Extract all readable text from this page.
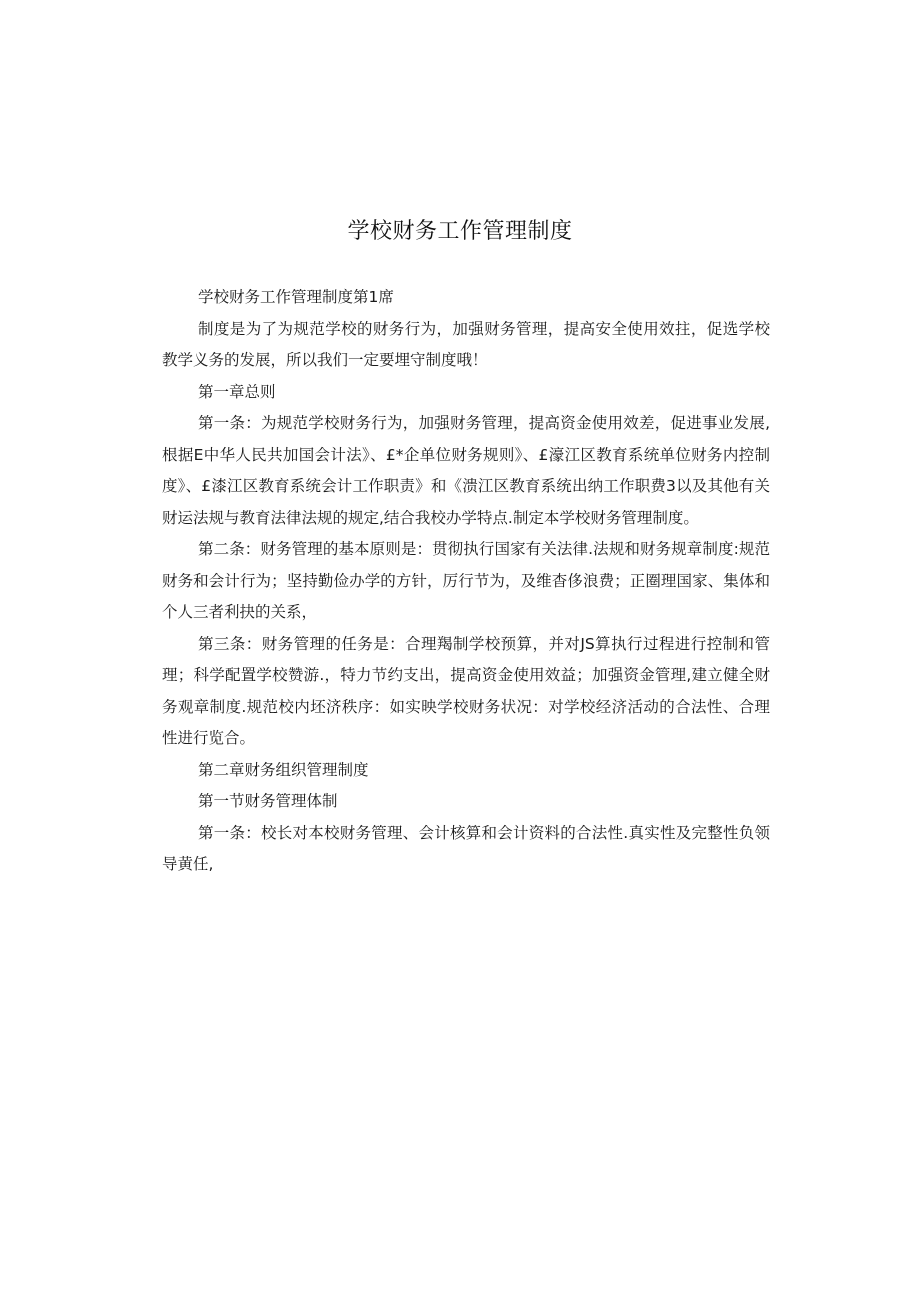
学校财务工作管理制度

学校财务工作管理制度第1席

制度是为了为规范学校的财务行为，加强财务管理，提高安全使用效拄，促选学校教学义务的发展，所以我们一定要埋守制度哦！

第一章总则

第一条：为规范学校财务行为，加强财务管理，提高资金使用效差，促进事业发展,根据E中华人民共加国会计法》、£*企单位财务规则》、£濠江区教育系统单位财务内控制度》、£漆江区教育系统会计工作职责》和《溃江区教育系统出纳工作职费3以及其他有关财运法规与教育法律法规的规定,结合我校办学特点.制定本学校财务管理制度。

第二条：财务管理的基本原则是：贯彻执行国家有关法律.法规和财务规章制度:规范财务和会计行为；坚持勤俭办学的方针，厉行节为，及维杳侈浪费；正圈理国家、集体和个人三者利抉的关系，

第三条：财务管理的任务是：合理羯制学校预算，并对JS算执行过程进行控制和管理；科学配置学校赞游.，特力节约支出，提高资金使用效益；加强资金管理,建立健全财务观章制度.规范校内坯济秩序：如实映学校财务状况：对学校经济活动的合法性、合理性进行览合。

第二章财务组织管理制度

第一节财务管理体制

第一条：校长对本校财务管理、会计核算和会计资料的合法性.真实性及完整性负领导黄任,
